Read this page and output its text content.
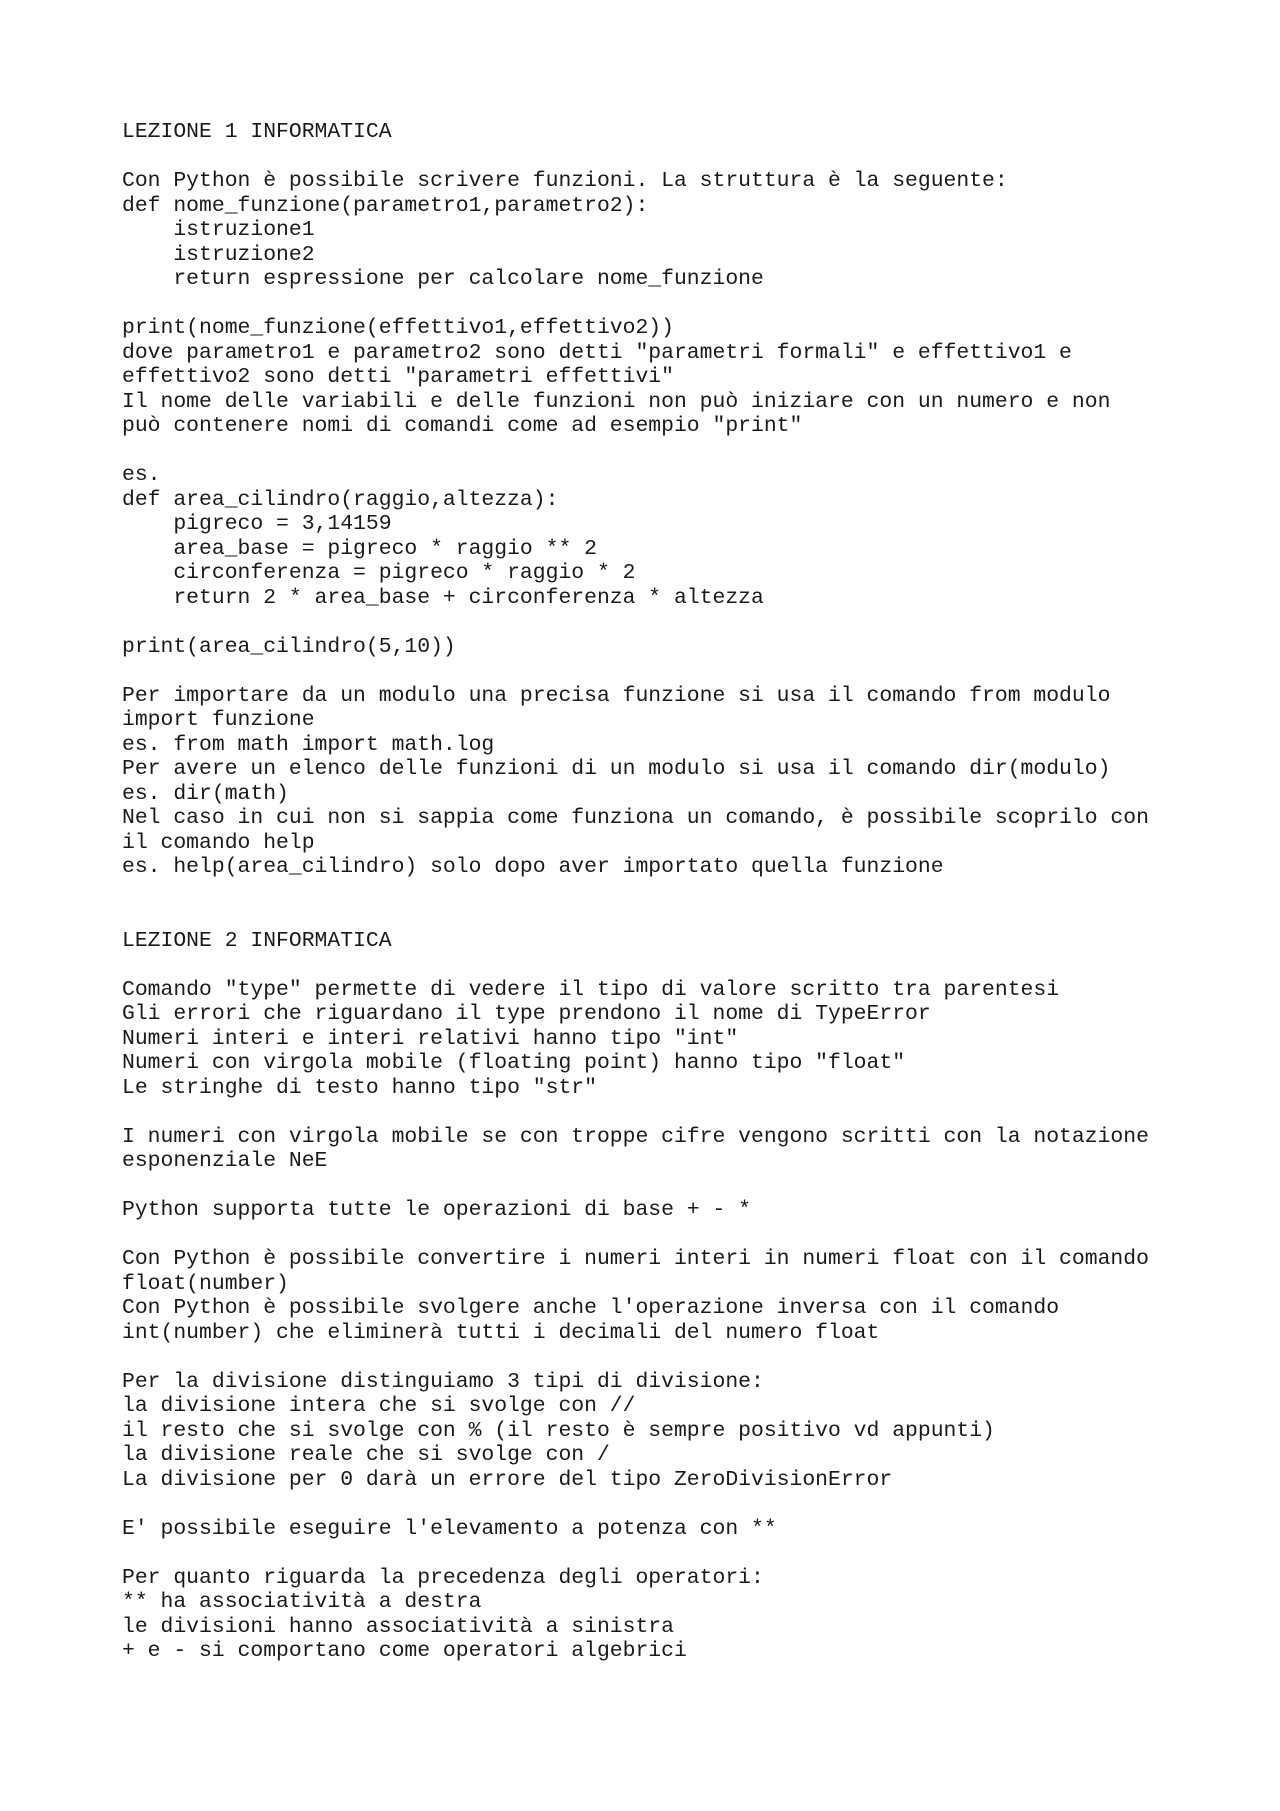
LEZIONE 1 INFORMATICA
Con Python è possibile scrivere funzioni. La struttura è la seguente:
def nome_funzione(parametro1,parametro2):
istruzione1
istruzione2
return espressione per calcolare nome_funzione
print(nome_funzione(effettivo1,effettivo2))
dove parametro1 e parametro2 sono detti "parametri formali" e effettivo1 e
effettivo2 sono detti "parametri effettivi"
Il nome delle variabili e delle funzioni non può iniziare con un numero e non
può contenere nomi di comandi come ad esempio "print"
es.
def area_cilindro(raggio,altezza):
pigreco = 3,14159
area_base = pigreco * raggio ** 2
circonferenza = pigreco * raggio * 2
return 2 * area_base + circonferenza * altezza
print(area_cilindro(5,10))
Per importare da un modulo una precisa funzione si usa il comando from modulo
import funzione
es. from math import math.log
Per avere un elenco delle funzioni di un modulo si usa il comando dir(modulo)
es. dir(math)
Nel caso in cui non si sappia come funziona un comando, è possibile scoprilo con
il comando help
es. help(area_cilindro) solo dopo aver importato quella funzione
LEZIONE 2 INFORMATICA
Comando "type" permette di vedere il tipo di valore scritto tra parentesi
Gli errori che riguardano il type prendono il nome di TypeError
Numeri interi e interi relativi hanno tipo "int"
Numeri con virgola mobile (floating point) hanno tipo "float"
Le stringhe di testo hanno tipo "str"
I numeri con virgola mobile se con troppe cifre vengono scritti con la notazione
esponenziale NeE
Python supporta tutte le operazioni di base + - *
Con Python è possibile convertire i numeri interi in numeri float con il comando
float(number)
Con Python è possibile svolgere anche l'operazione inversa con il comando
int(number) che eliminerà tutti i decimali del numero float
Per la divisione distinguiamo 3 tipi di divisione:
la divisione intera che si svolge con //
il resto che si svolge con % (il resto è sempre positivo vd appunti)
la divisione reale che si svolge con /
La divisione per 0 darà un errore del tipo ZeroDivisionError
E' possibile eseguire l'elevamento a potenza con **
Per quanto riguarda la precedenza degli operatori:
** ha associatività a destra
le divisioni hanno associatività a sinistra
+ e - si comportano come operatori algebrici
